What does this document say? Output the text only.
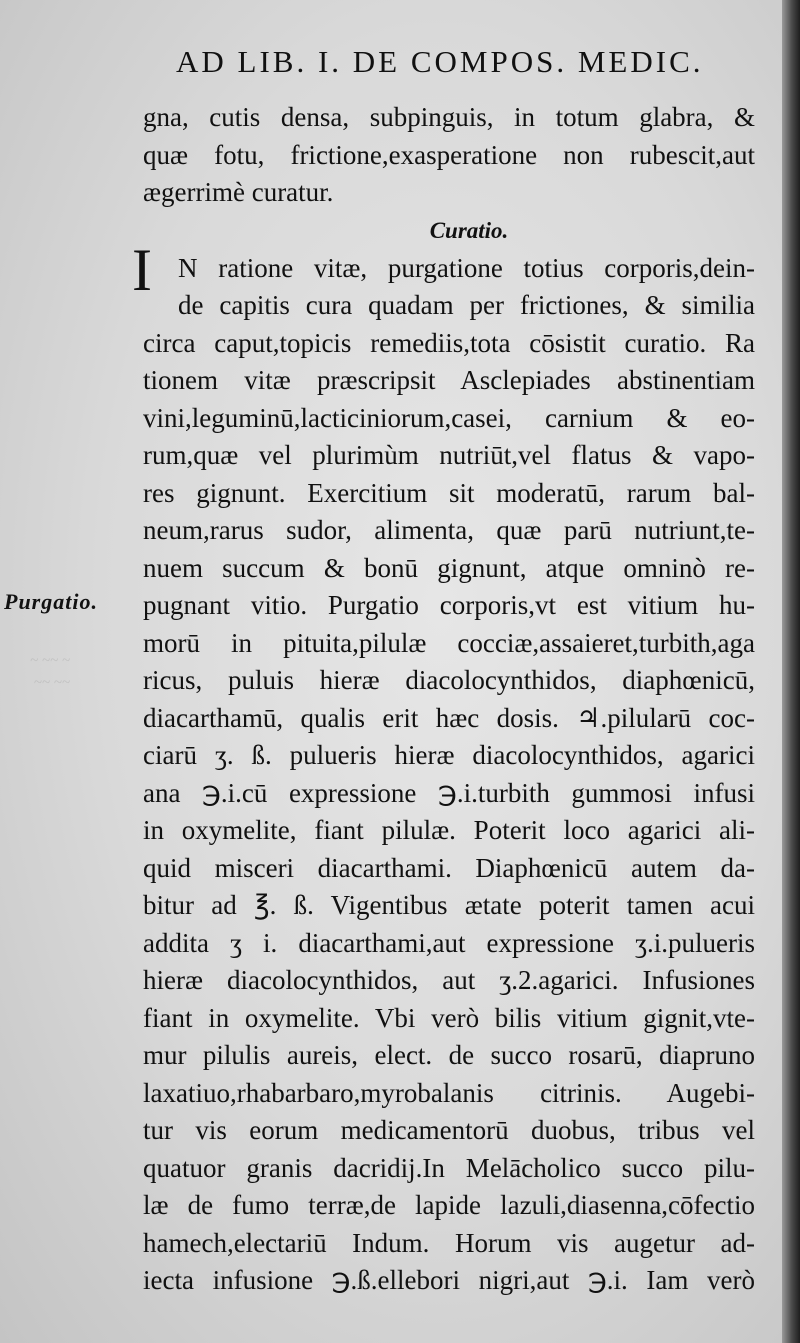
~ ~~ ~
~~ ~~
AD LIB. I. DE COMPOS. MEDIC.
gna, cutis densa, subpinguis, in totum glabra, &
quæ fotu, frictione,exasperatione non rubescit,aut
ægerrimè curatur.
Curatio.
N ratione vitæ, purgatione totius corporis,dein-
de capitis cura quadam per frictiones, & similia
circa caput,topicis remediis,tota cōsistit curatio. Ra
tionem vitæ præscripsit Asclepiades abstinentiam
vini,leguminū,lacticiniorum,casei, carnium & eo-
rum,quæ vel plurimùm nutriūt,vel flatus & vapo-
res gignunt. Exercitium sit moderatū, rarum bal-
neum,rarus sudor, alimenta, quæ parū nutriunt,te-
nuem succum & bonū gignunt, atque omninò re-
pugnant vitio. Purgatio corporis,vt est vitium hu-
morū in pituita,pilulæ cocciæ,assaieret,turbith,aga
ricus, puluis hieræ diacolocynthidos, diaphœnicū,
diacarthamū, qualis erit hæc dosis. ♃.pilularū coc-
ciarū ʒ. ß. pulueris hieræ diacolocynthidos, agarici
ana ℈.i.cū expressione ℈.i.turbith gummosi infusi
in oxymelite, fiant pilulæ. Poterit loco agarici ali-
quid misceri diacarthami. Diaphœnicū autem da-
bitur ad ℥. ß. Vigentibus ætate poterit tamen acui
addita ʒ i. diacarthami,aut expressione ʒ.i.pulueris
hieræ diacolocynthidos, aut ʒ.2.agarici. Infusiones
fiant in oxymelite. Vbi verò bilis vitium gignit,vte-
mur pilulis aureis, elect. de succo rosarū, diapruno
laxatiuo,rhabarbaro,myrobalanis citrinis. Augebi-
tur vis eorum medicamentorū duobus, tribus vel
quatuor granis dacridij.In Melācholico succo pilu-
læ de fumo terræ,de lapide lazuli,diasenna,cōfectio
hamech,electariū Indum. Horum vis augetur ad-
iecta infusione ℈.ß.ellebori nigri,aut ℈.i. Iam verò
I
Purgatio.
